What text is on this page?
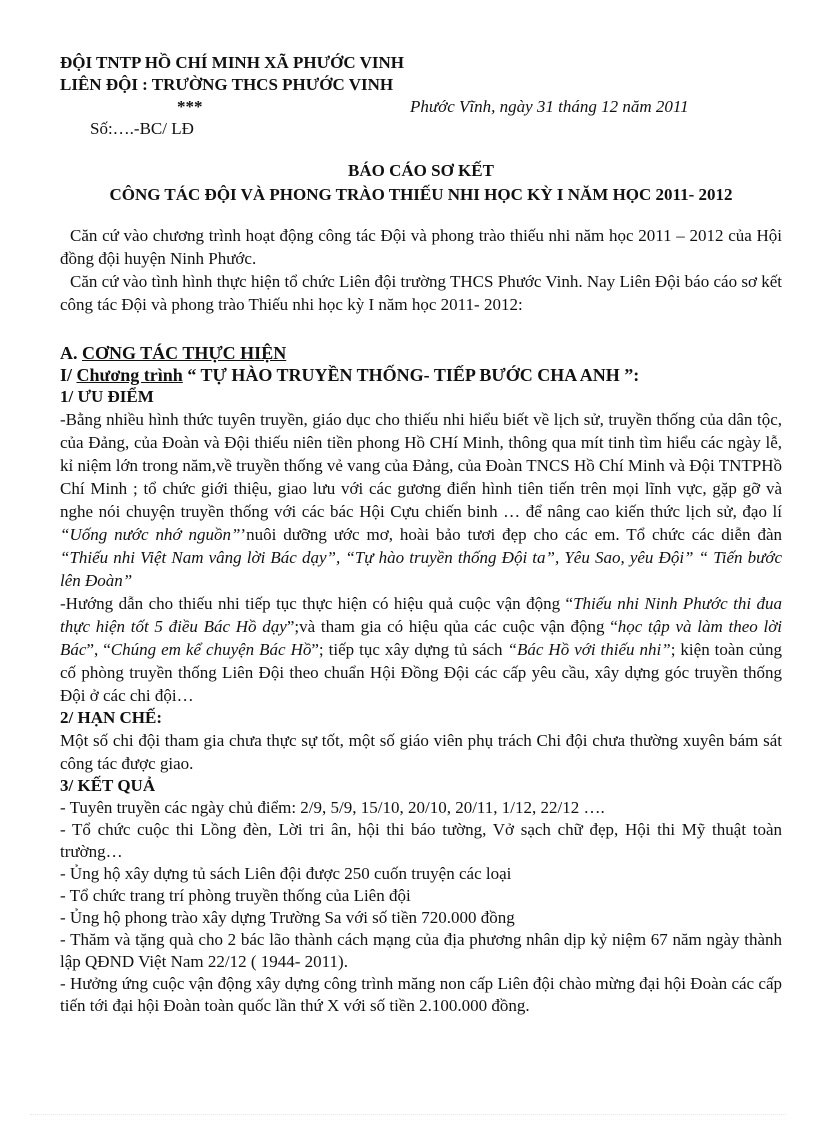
ĐỘI TNTP HỒ CHÍ MINH XÃ PHƯỚC VINH
LIÊN ĐỘI : TRƯỜNG THCS PHƯỚC VINH
***	Phước Vĩnh, ngày 31 tháng 12 năm 2011
Số:….-BC/ LĐ
BÁO CÁO SƠ KẾT
CÔNG TÁC ĐỘI VÀ PHONG TRÀO THIẾU NHI HỌC KỲ I NĂM HỌC 2011- 2012

Căn cứ vào chương trình hoạt động công tác Đội và phong trào thiếu nhi năm học 2011 – 2012 của Hội đồng đội huyện Ninh Phước.

Căn cứ vào tình hình thực hiện tổ chức Liên đội trường THCS Phước Vinh. Nay Liên Đội báo cáo sơ kết công tác Đội và phong trào Thiếu nhi học kỳ I năm học 2011- 2012:

A. CƠNG TÁC THỰC HIỆN
I/ Chương trình “ TỰ HÀO TRUYỀN THỐNG- TIẾP BƯỚC CHA ANH ”:
1/ ƯU ĐIỂM

-Bằng nhiều hình thức tuyên truyền, giáo dục cho thiếu nhi hiểu biết về lịch sử, truyền thống của dân tộc, của Đảng, của Đoàn và Đội thiếu niên tiền phong Hồ CHí Minh, thông qua mít tinh tìm hiểu các ngày lễ, kỉ niệm lớn trong năm,về truyền thống vẻ vang của Đảng, của Đoàn TNCS Hồ Chí Minh và Đội TNTPHồ Chí Minh ; tổ chức giới thiệu, giao lưu với các gương điển hình tiên tiến trên mọi lĩnh vực, gặp gỡ và nghe nói chuyện truyền thống với các bác Hội Cựu chiến binh … để nâng cao kiến thức lịch sử, đạo lí “Uống nước nhớ nguồn”’nuôi dưỡng ước mơ, hoài bảo tươi đẹp cho các em. Tổ chức các diễn đàn “Thiếu nhi Việt Nam vâng lời Bác dạy”, “Tự hào truyền thống Đội ta”, Yêu Sao, yêu Đội” “ Tiến bước lên Đoàn”

-Hướng dẫn cho thiếu nhi tiếp tục thực hiện có hiệu quả cuộc vận động “Thiếu nhi Ninh Phước thi đua thực hiện tốt 5 điều Bác Hồ dạy”;và tham gia có hiệu qủa các cuộc vận động “học tập và làm theo lời Bác”, “Chúng em kể chuyện Bác Hồ”; tiếp tục xây dựng tủ sách “Bác Hồ với thiếu nhi”; kiện toàn củng cố phòng truyền thống Liên Đội theo chuẩn Hội Đồng Đội các cấp yêu cầu, xây dựng góc truyền thống Đội ở các chi đội…

2/ HẠN CHẾ:

Một số chi đội tham gia chưa thực sự tốt, một số giáo viên phụ trách Chi đội chưa thường xuyên bám sát công tác được giao.

3/ KẾT QUẢ

- Tuyên truyền các ngày chủ điểm: 2/9, 5/9, 15/10, 20/10, 20/11, 1/12, 22/12 ….

- Tổ chức cuộc thi Lồng đèn, Lời tri ân, hội thi báo tường, Vở sạch chữ đẹp, Hội thi Mỹ thuật toàn trường…

- Ủng hộ xây dựng tủ sách Liên đội được 250 cuốn truyện các loại

- Tổ chức trang trí phòng truyền thống của Liên đội

- Ủng hộ phong trào xây dựng Trường Sa với số tiền 720.000 đồng

- Thăm và tặng quà cho 2 bác lão thành cách mạng của địa phương nhân dịp kỷ niệm 67 năm ngày thành lập QĐND Việt Nam 22/12 ( 1944- 2011).

- Hưởng ứng cuộc vận động xây dựng công trình măng non cấp Liên đội chào mừng đại hội Đoàn các cấp tiến tới đại hội Đoàn toàn quốc lần thứ X với số tiền 2.100.000 đồng.
